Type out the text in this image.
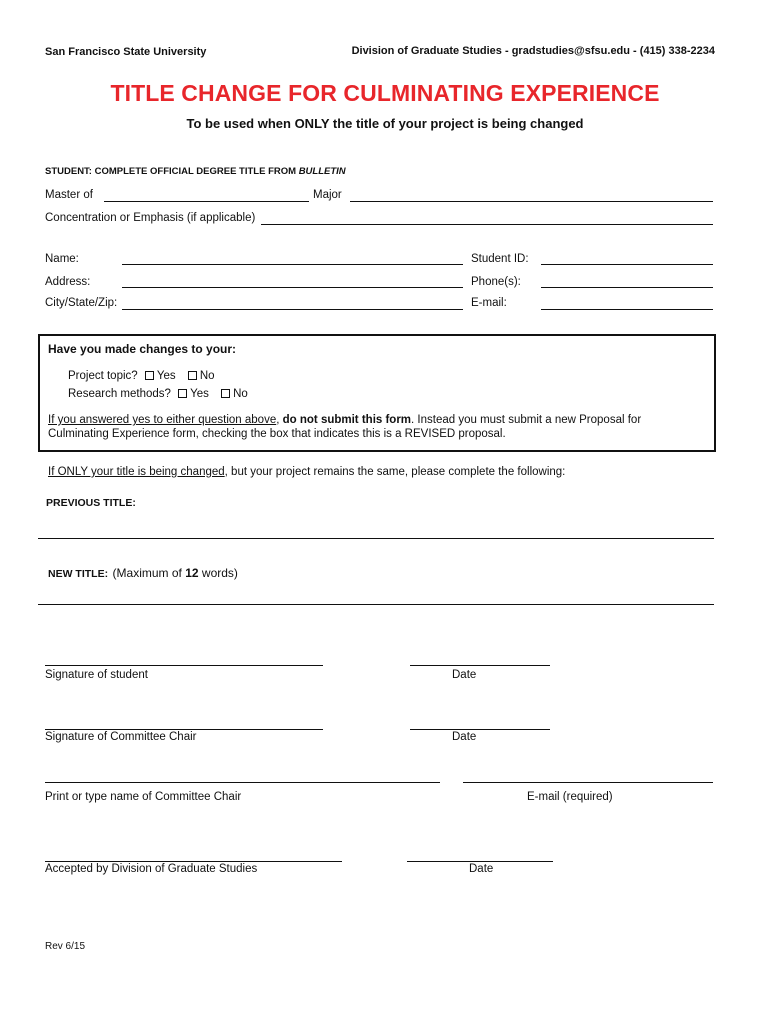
San Francisco State University	Division of Graduate Studies - gradstudies@sfsu.edu - (415) 338-2234
TITLE CHANGE FOR CULMINATING EXPERIENCE
To be used when ONLY the title of your project is being changed
STUDENT: COMPLETE OFFICIAL DEGREE TITLE FROM BULLETIN
Master of	Major
Concentration or Emphasis (if applicable)
Name:	Student ID:
Address:	Phone(s):
City/State/Zip:	E-mail:
Have you made changes to your:
Project topic? Yes No
Research methods? Yes No
If you answered yes to either question above, do not submit this form. Instead you must submit a new Proposal for
Culminating Experience form, checking the box that indicates this is a REVISED proposal.
If ONLY your title is being changed, but your project remains the same, please complete the following:
PREVIOUS TITLE:
NEW TITLE: (Maximum of 12 words)
Signature of student	Date
Signature of Committee Chair	Date
Print or type name of Committee Chair	E-mail (required)
Accepted by Division of Graduate Studies	Date
Rev 6/15
